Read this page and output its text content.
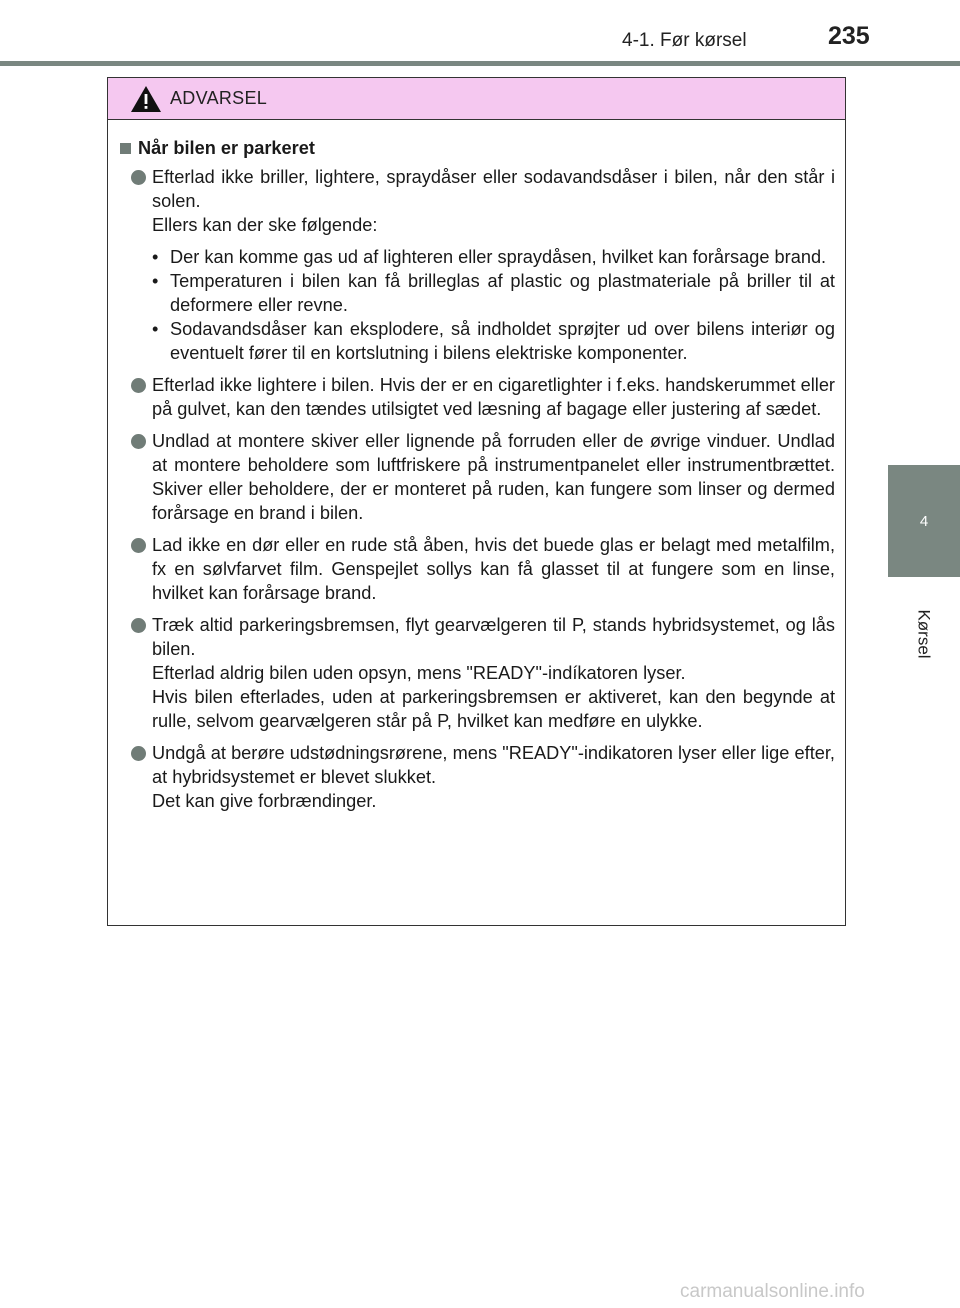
4-1. Før kørsel	235
4
Kørsel
ADVARSEL
Når bilen er parkeret

Efterlad ikke briller, lightere, spraydåser eller sodavandsdåser i bilen, når den står i solen.

Ellers kan der ske følgende:

• Der kan komme gas ud af lighteren eller spraydåsen, hvilket kan forårsage brand.
• Temperaturen i bilen kan få brilleglas af plastic og plastmateriale på briller til at deformere eller revne.
• Sodavandsdåser kan eksplodere, så indholdet sprøjter ud over bilens interiør og eventuelt fører til en kortslutning i bilens elektriske komponenter.

Efterlad ikke lightere i bilen. Hvis der er en cigaretlighter i f.eks. handskerummet eller på gulvet, kan den tændes utilsigtet ved læsning af bagage eller justering af sædet.

Undlad at montere skiver eller lignende på forruden eller de øvrige vinduer. Undlad at montere beholdere som luftfriskere på instrumentpanelet eller instrumentbrættet. Skiver eller beholdere, der er monteret på ruden, kan fungere som linser og dermed forårsage en brand i bilen.

Lad ikke en dør eller en rude stå åben, hvis det buede glas er belagt med metalfilm, fx en sølvfarvet film. Genspejlet sollys kan få glasset til at fungere som en linse, hvilket kan forårsage brand.

Træk altid parkeringsbremsen, flyt gearvælgeren til P, stands hybridsystemet, og lås bilen.

Efterlad aldrig bilen uden opsyn, mens "READY"-indíkatoren lyser.

Hvis bilen efterlades, uden at parkeringsbremsen er aktiveret, kan den begynde at rulle, selvom gearvælgeren står på P, hvilket kan medføre en ulykke.

Undgå at berøre udstødningsrørene, mens "READY"-indikatoren lyser eller lige efter, at hybridsystemet er blevet slukket.

Det kan give forbrændinger.

carmanualsonline.info
